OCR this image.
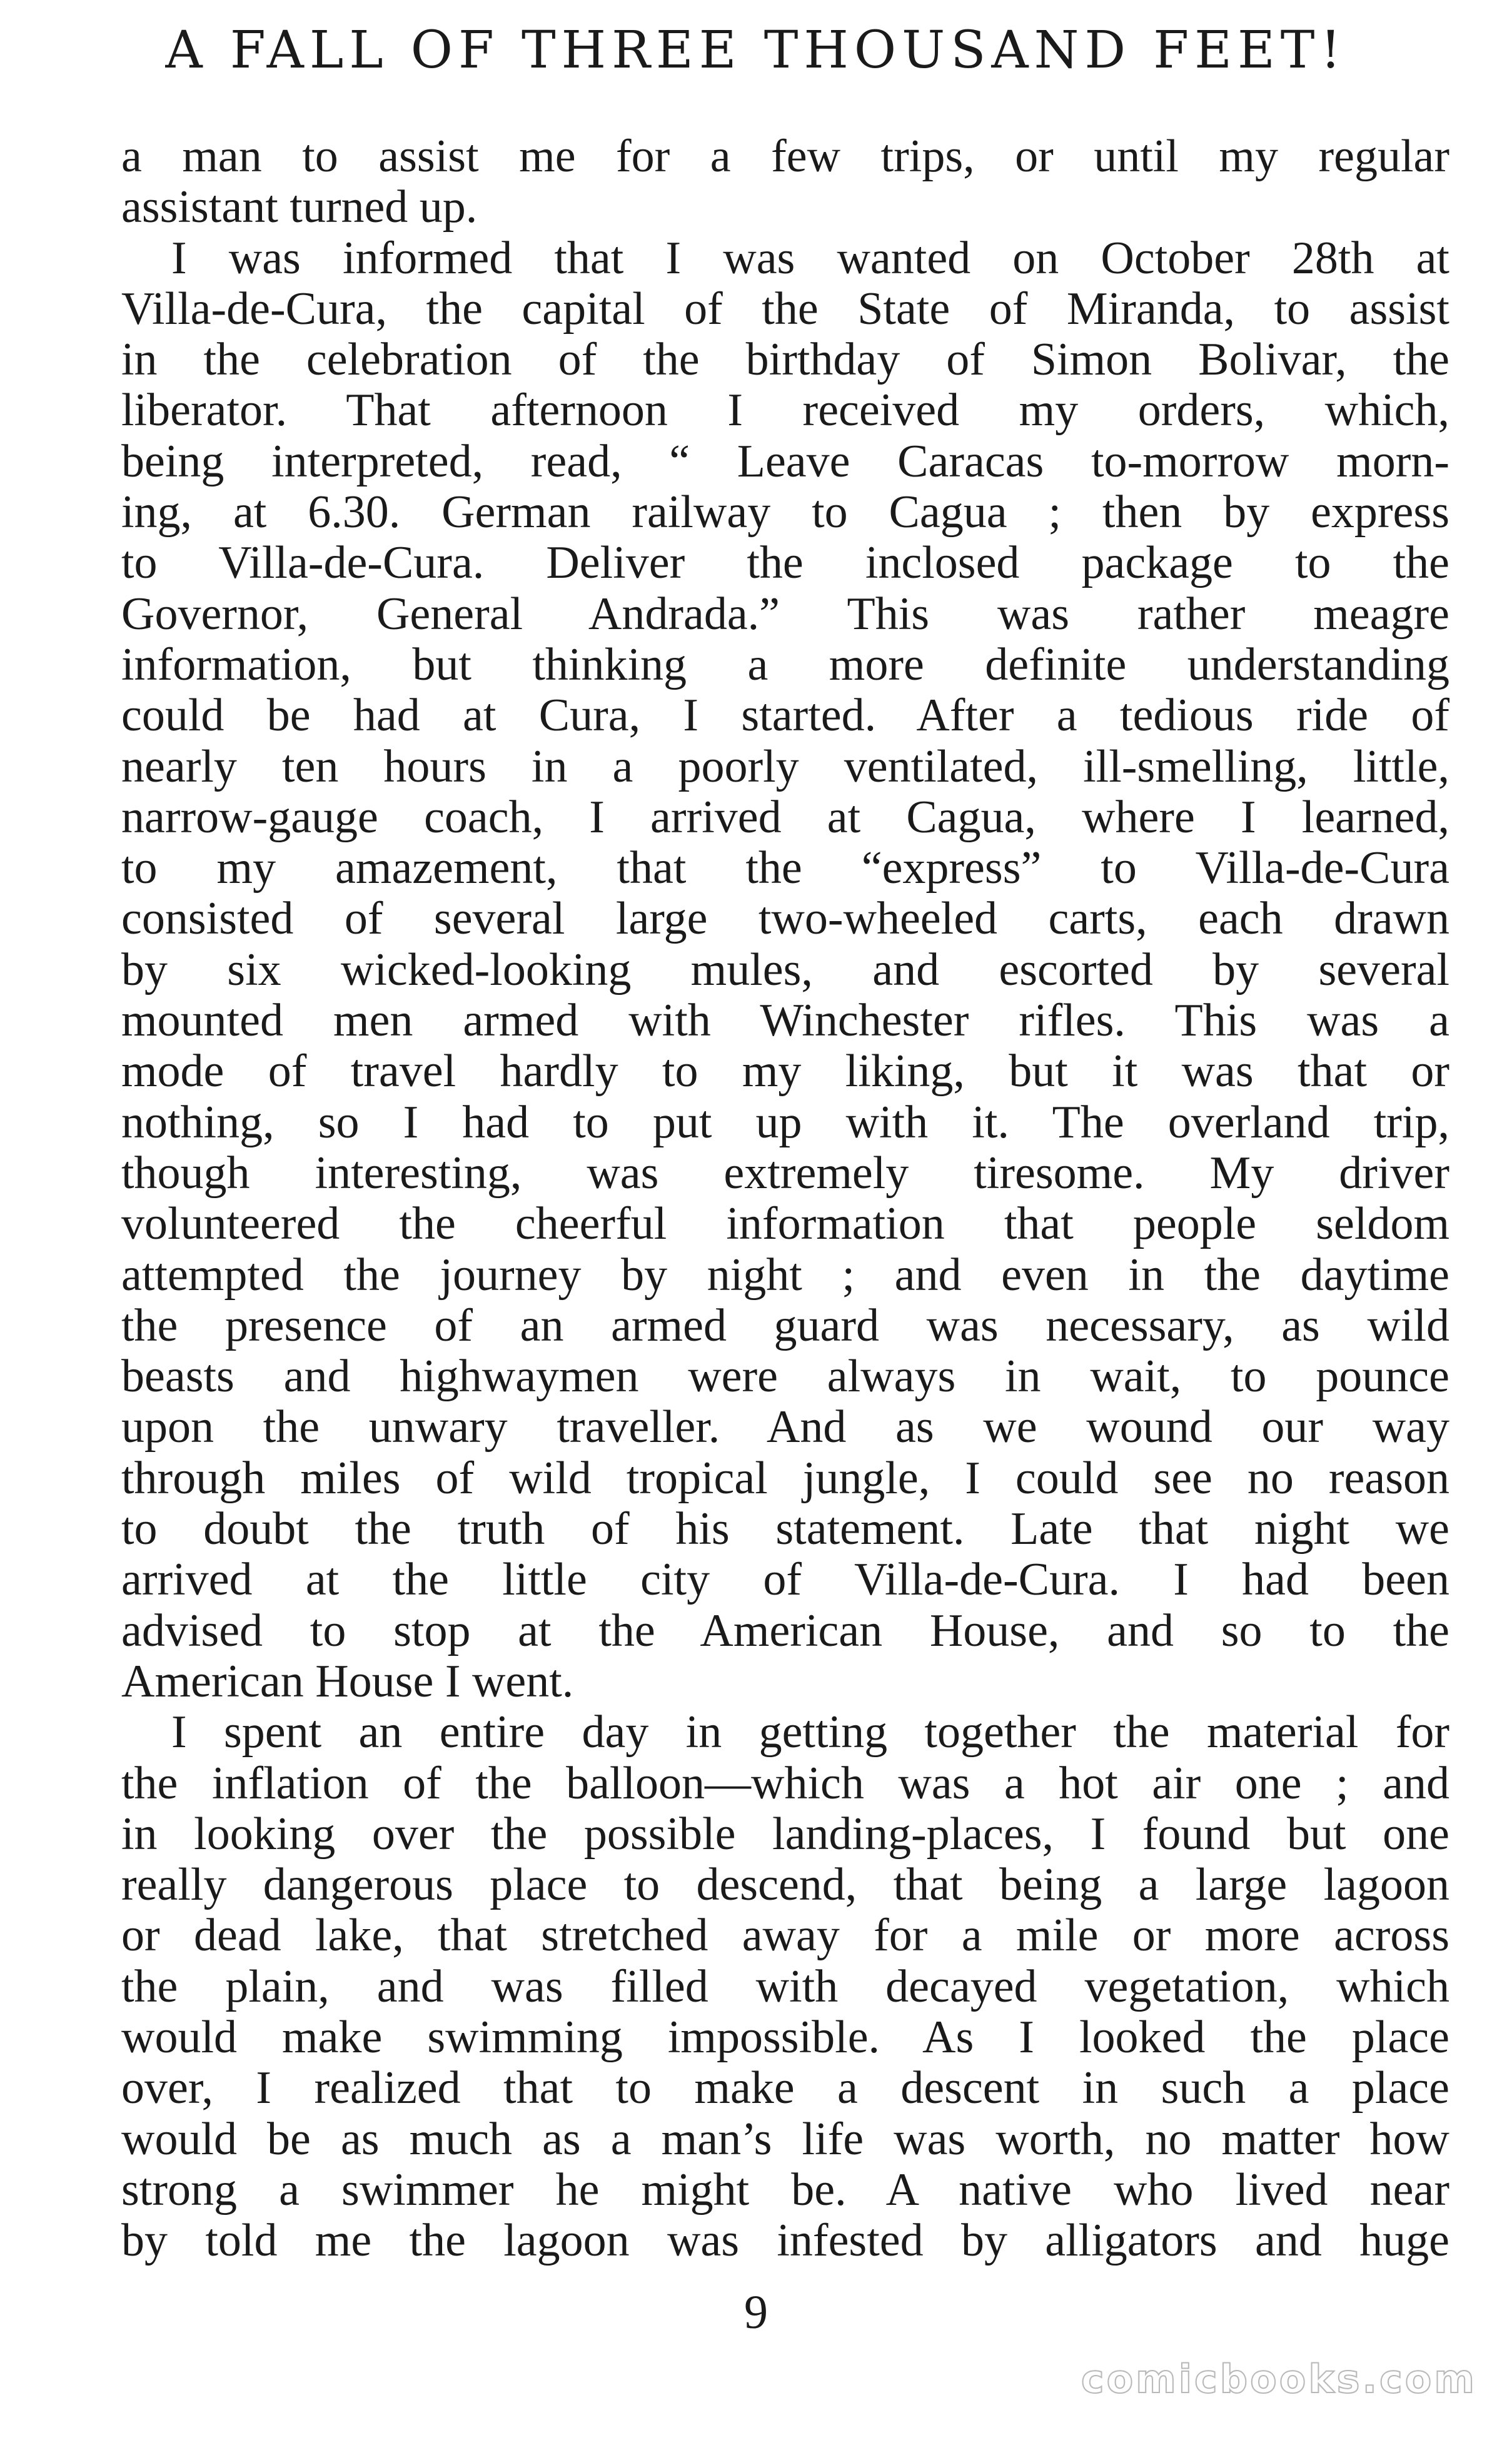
A FALL OF THREE THOUSAND FEET!
a man to assist me for a few trips, or until my regular
assistant turned up.
I was informed that I was wanted on October 28th at
Villa-de-Cura, the capital of the State of Miranda, to assist
in the celebration of the birthday of Simon Bolivar, the
liberator. That afternoon I received my orders, which,
being interpreted, read, “ Leave Caracas to-morrow morn-
ing, at 6.30. German railway to Cagua ; then by express
to Villa-de-Cura. Deliver the inclosed package to the
Governor, General Andrada.” This was rather meagre
information, but thinking a more definite understanding
could be had at Cura, I started. After a tedious ride of
nearly ten hours in a poorly ventilated, ill-smelling, little,
narrow-gauge coach, I arrived at Cagua, where I learned,
to my amazement, that the “express” to Villa-de-Cura
consisted of several large two-wheeled carts, each drawn
by six wicked-looking mules, and escorted by several
mounted men armed with Winchester rifles. This was a
mode of travel hardly to my liking, but it was that or
nothing, so I had to put up with it. The overland trip,
though interesting, was extremely tiresome. My driver
volunteered the cheerful information that people seldom
attempted the journey by night ; and even in the daytime
the presence of an armed guard was necessary, as wild
beasts and highwaymen were always in wait, to pounce
upon the unwary traveller. And as we wound our way
through miles of wild tropical jungle, I could see no reason
to doubt the truth of his statement. Late that night we
arrived at the little city of Villa-de-Cura. I had been
advised to stop at the American House, and so to the
American House I went.
I spent an entire day in getting together the material for
the inflation of the balloon—which was a hot air one ; and
in looking over the possible landing-places, I found but one
really dangerous place to descend, that being a large lagoon
or dead lake, that stretched away for a mile or more across
the plain, and was filled with decayed vegetation, which
would make swimming impossible. As I looked the place
over, I realized that to make a descent in such a place
would be as much as a man’s life was worth, no matter how
strong a swimmer he might be. A native who lived near
by told me the lagoon was infested by alligators and huge
9
comicbooks.com
